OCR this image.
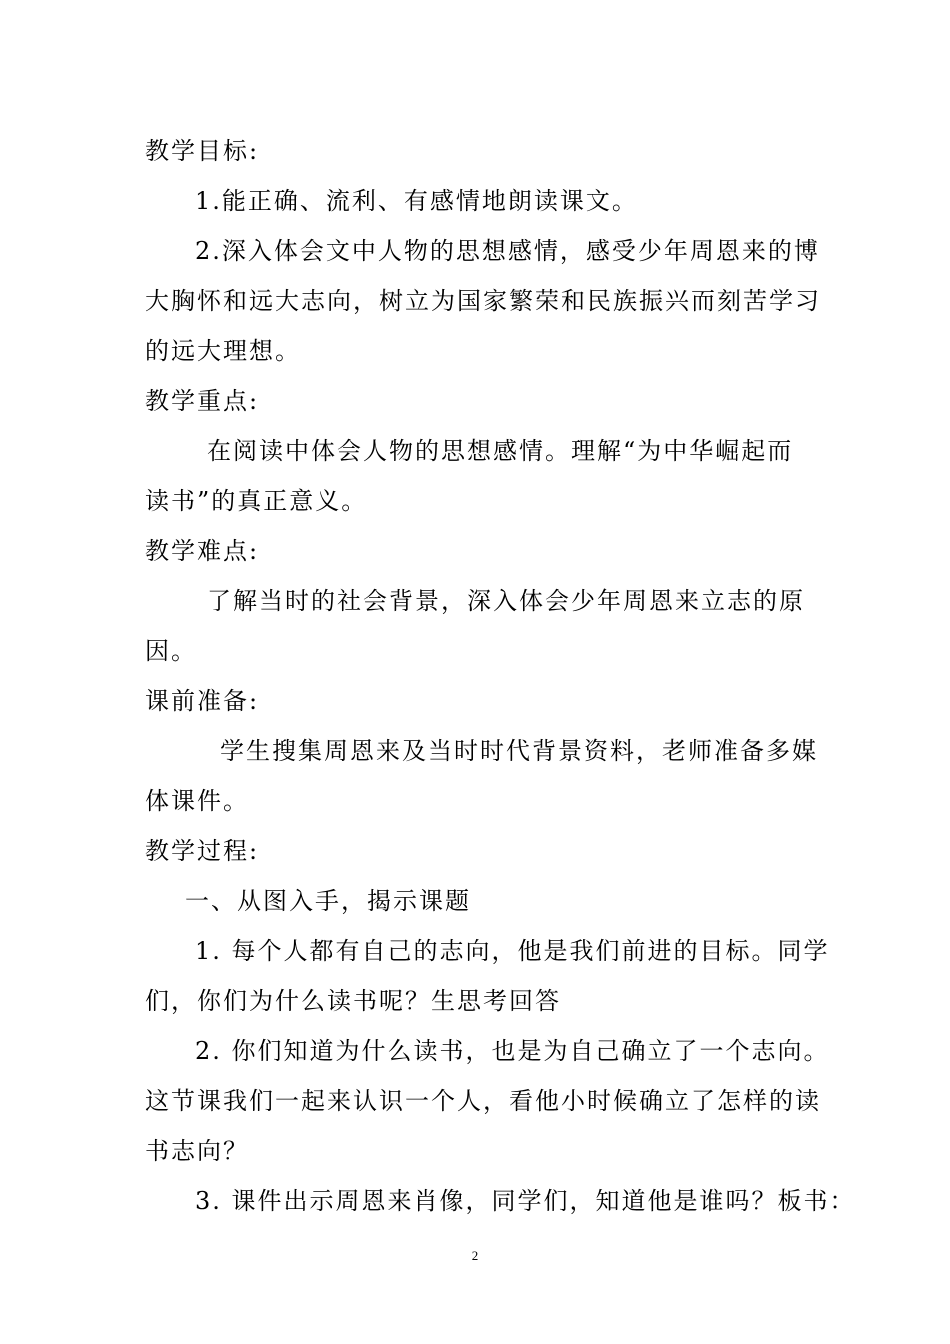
教学目标:
1.能正确、流利、有感情地朗读课文。
2.深入体会文中人物的思想感情，感受少年周恩来的博
大胸怀和远大志向，树立为国家繁荣和民族振兴而刻苦学习
的远大理想。
教学重点:
在阅读中体会人物的思想感情。理解“为中华崛起而
读书”的真正意义。
教学难点:
了解当时的社会背景，深入体会少年周恩来立志的原
因。
课前准备:
学生搜集周恩来及当时时代背景资料，老师准备多媒
体课件。
教学过程:
一、从图入手，揭示课题
1. 每个人都有自己的志向，他是我们前进的目标。同学
们，你们为什么读书呢？生思考回答
2. 你们知道为什么读书，也是为自己确立了一个志向。
这节课我们一起来认识一个人，看他小时候确立了怎样的读
书志向？
3. 课件出示周恩来肖像，同学们，知道他是谁吗？板书：
2
